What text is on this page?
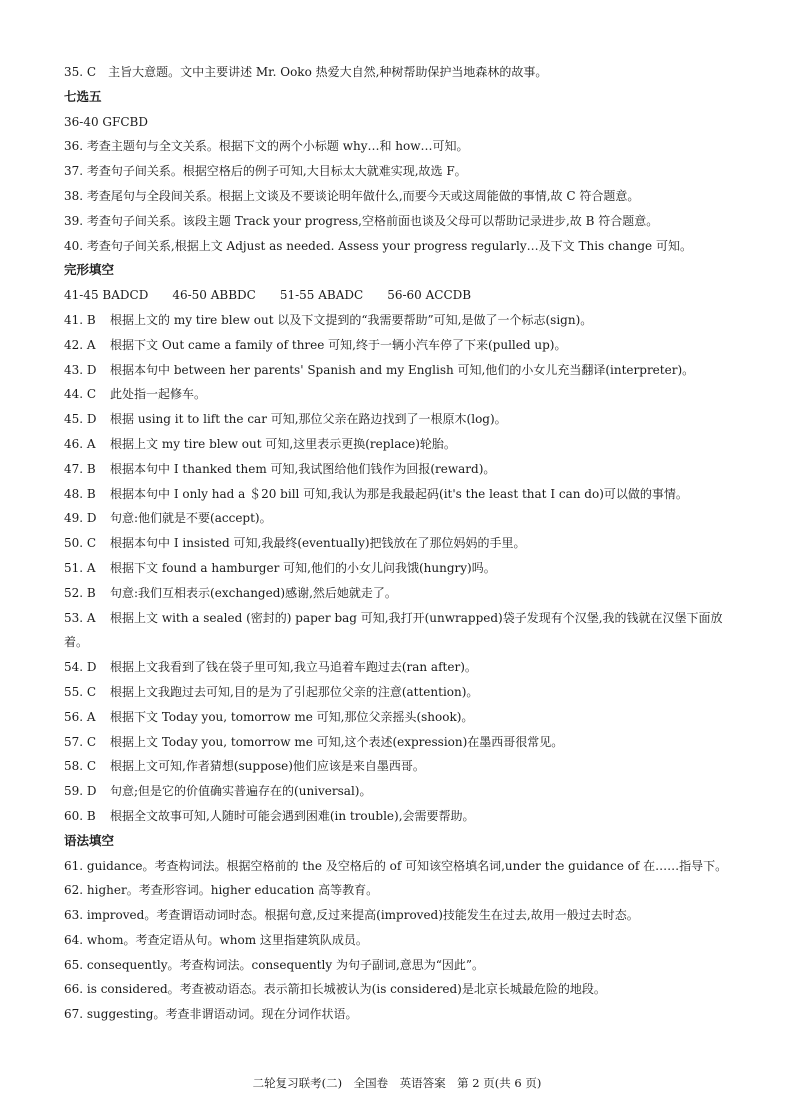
35. C　主旨大意题。文中主要讲述 Mr. Ooko 热爱大自然,种树帮助保护当地森林的故事。
七选五
36-40 GFCBD
36. 考查主题句与全文关系。根据下文的两个小标题 why…和 how…可知。
37. 考查句子间关系。根据空格后的例子可知,大目标太大就难实现,故选 F。
38. 考查尾句与全段间关系。根据上文谈及不要谈论明年做什么,而要今天或这周能做的事情,故 C 符合题意。
39. 考查句子间关系。该段主题 Track your progress,空格前面也谈及父母可以帮助记录进步,故 B 符合题意。
40. 考查句子间关系,根据上文 Adjust as needed. Assess your progress regularly…及下文 This change 可知。
完形填空
41-45 BADCD　　46-50 ABBDC　　51-55 ABADC　　56-60 ACCDB
41. B 根据上文的 my tire blew out 以及下文提到的“我需要帮助”可知,是做了一个标志(sign)。
42. A 根据下文 Out came a family of three 可知,终于一辆小汽车停了下来(pulled up)。
43. D 根据本句中 between her parents' Spanish and my English 可知,他们的小女儿充当翻译(interpreter)。
44. C 此处指一起修车。
45. D 根据 using it to lift the car 可知,那位父亲在路边找到了一根原木(log)。
46. A 根据上文 my tire blew out 可知,这里表示更换(replace)轮胎。
47. B 根据本句中 I thanked them 可知,我试图给他们钱作为回报(reward)。
48. B 根据本句中 I only had a ＄20 bill 可知,我认为那是我最起码(it's the least that I can do)可以做的事情。
49. D 句意:他们就是不要(accept)。
50. C 根据本句中 I insisted 可知,我最终(eventually)把钱放在了那位妈妈的手里。
51. A 根据下文 found a hamburger 可知,他们的小女儿问我饿(hungry)吗。
52. B 句意:我们互相表示(exchanged)感谢,然后她就走了。
53. A 根据上文 with a sealed (密封的) paper bag 可知,我打开(unwrapped)袋子发现有个汉堡,我的钱就在汉堡下面放着。
54. D 根据上文我看到了钱在袋子里可知,我立马追着车跑过去(ran after)。
55. C 根据上文我跑过去可知,目的是为了引起那位父亲的注意(attention)。
56. A 根据下文 Today you, tomorrow me 可知,那位父亲摇头(shook)。
57. C 根据上文 Today you, tomorrow me 可知,这个表述(expression)在墨西哥很常见。
58. C 根据上文可知,作者猜想(suppose)他们应该是来自墨西哥。
59. D 句意;但是它的价值确实普遍存在的(universal)。
60. B 根据全文故事可知,人随时可能会遇到困难(in trouble),会需要帮助。
语法填空
61. guidance。考查构词法。根据空格前的 the 及空格后的 of 可知该空格填名词,under the guidance of 在……指导下。
62. higher。考查形容词。higher education 高等教育。
63. improved。考查谓语动词时态。根据句意,反过来提高(improved)技能发生在过去,故用一般过去时态。
64. whom。考查定语从句。whom 这里指建筑队成员。
65. consequently。考查构词法。consequently 为句子副词,意思为“因此”。
66. is considered。考查被动语态。表示箭扣长城被认为(is considered)是北京长城最危险的地段。
67. suggesting。考查非谓语动词。现在分词作状语。
二轮复习联考(二)　全国卷　英语答案　第 2 页(共 6 页)
